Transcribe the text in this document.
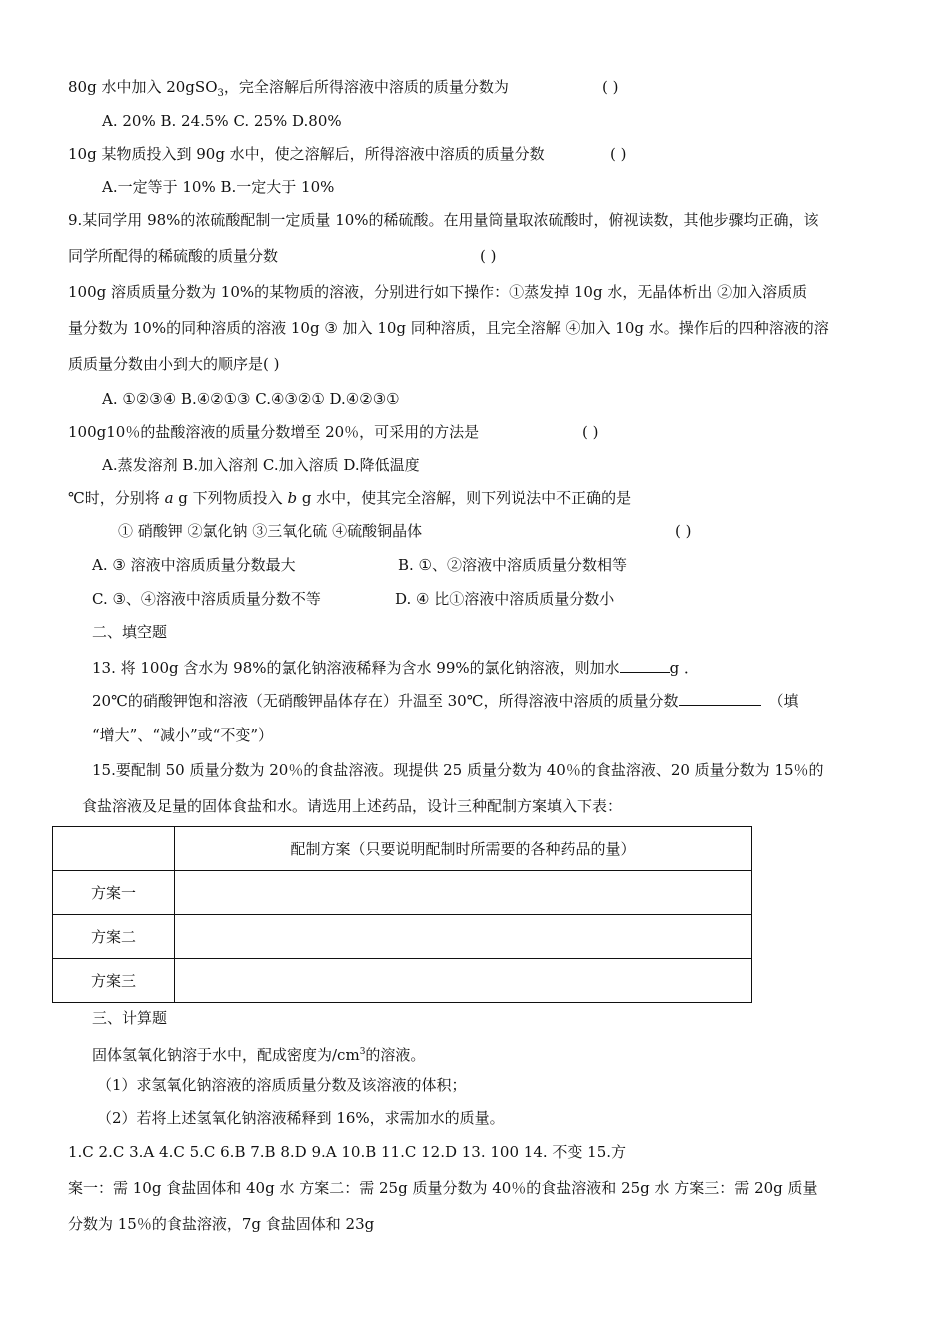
80g 水中加入 20gSO$_3$，完全溶解后所得溶液中溶质的质量分数为	( )
A. 20% B. 24.5% C. 25% D.80%
10g 某物质投入到 90g 水中，使之溶解后，所得溶液中溶质的质量分数	( )
A.一定等于 10% B.一定大于 10%
9.某同学用 98%的浓硫酸配制一定质量 10%的稀硫酸。在用量筒量取浓硫酸时，俯视读数，其他步骤均正确，该
同学所配得的稀硫酸的质量分数	( )
100g 溶质质量分数为 10%的某物质的溶液，分别进行如下操作：①蒸发掉 10g 水，无晶体析出 ②加入溶质质
量分数为 10%的同种溶质的溶液 10g ③ 加入 10g 同种溶质，且完全溶解 ④加入 10g 水。操作后的四种溶液的溶
质质量分数由小到大的顺序是( )
A. ①②③④ B.④②①③ C.④③②① D.④②③①
100g10％的盐酸溶液的质量分数增至 20％，可采用的方法是	( )
A.蒸发溶剂 B.加入溶剂 C.加入溶质 D.降低温度
℃时，分别将 a g 下列物质投入 b g 水中，使其完全溶解，则下列说法中不正确的是
① 硝酸钾 ②氯化钠 ③三氧化硫 ④硫酸铜晶体	( )
A. ③ 溶液中溶质质量分数最大	B. ①、②溶液中溶质质量分数相等
C. ③、④溶液中溶质质量分数不等	D. ④ 比①溶液中溶质质量分数小
二、填空题
13. 将 100g 含水为 98%的氯化钠溶液稀释为含水 99%的氯化钠溶液，则加水	g ．
20℃的硝酸钾饱和溶液（无硝酸钾晶体存在）升温至 30℃，所得溶液中溶质的质量分数	（填
“增大”、“减小”或“不变”）
15.要配制 50 质量分数为 20％的食盐溶液。现提供 25 质量分数为 40％的食盐溶液、20 质量分数为 15％的
食盐溶液及足量的固体食盐和水。请选用上述药品，设计三种配制方案填入下表：
	配制方案（只要说明配制时所需要的各种药品的量）
方案一	
方案二	
方案三	
三、计算题
固体氢氧化钠溶于水中，配成密度为$/cm^3$的溶液。
（1）求氢氧化钠溶液的溶质质量分数及该溶液的体积；
（2）若将上述氢氧化钠溶液稀释到 16%，求需加水的质量。
1.C 2.C 3.A 4.C 5.C 6.B 7.B 8.D 9.A 10.B 11.C 12.D 13. 100 14. 不变 15.方
案一：需 10g 食盐固体和 40g 水 方案二：需 25g 质量分数为 40％的食盐溶液和 25g 水 方案三：需 20g 质量
分数为 15％的食盐溶液，7g 食盐固体和 23g
